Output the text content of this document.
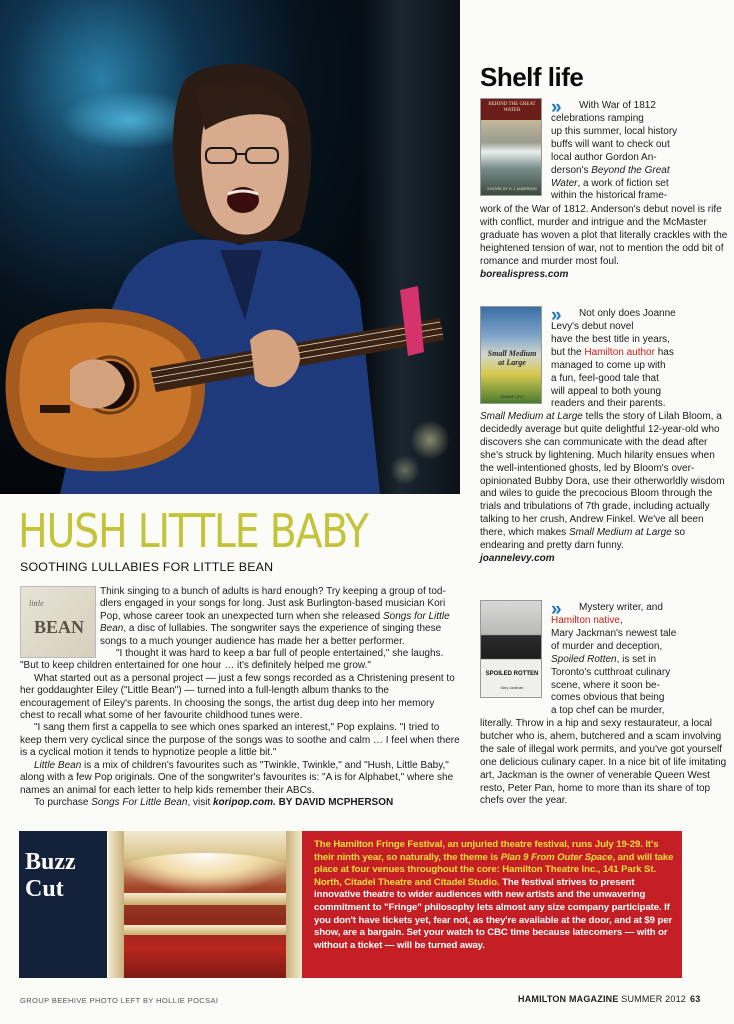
Shelf life
BEHIND THE GREAT WATER
A NOVEL BY G. J. ANDERSON
» With War of 1812
celebrations ramping
up this summer, local history
buffs will want to check out
local author Gordon An-
derson's Beyond the Great
Water, a work of fiction set
within the historical frame-

work of the War of 1812. Anderson's debut novel is rife with conflict, murder and intrigue and the McMaster graduate has woven a plot that literally crackles with the heightened tension of war, not to mention the odd bit of romance and murder most foul.

borealispress.com

Small Medium at Large
JOANNE LEVY
» Not only does Joanne
Levy's debut novel
have the best title in years,
but the Hamilton author has
managed to come up with
a fun, feel-good tale that
will appeal to both young
readers and their parents.

Small Medium at Large tells the story of Lilah Bloom, a decidedly average but quite delightful 12-year-old who discovers she can communicate with the dead after she's struck by lightening. Much hilarity ensues when the well-intentioned ghosts, led by Bloom's over-opinionated Bubby Dora, use their otherworldly wisdom and wiles to guide the precocious Bloom through the trials and tribulations of 7th grade, including actually talking to her crush, Andrew Finkel. We've all been there, which makes Small Medium at Large so endearing and pretty darn funny.

joannelevy.com

SPOILED ROTTEN
Mary Jackman
» Mystery writer, and
Hamilton native,
Mary Jackman's newest tale
of murder and deception,
Spoiled Rotten, is set in
Toronto's cutthroat culinary
scene, where it soon be-
comes obvious that being
a top chef can be murder,

literally. Throw in a hip and sexy restaurateur, a local butcher who is, ahem, butchered and a scam involving the sale of illegal work permits, and you've got yourself one delicious culinary caper. In a nice bit of life imitating art, Jackman is the owner of venerable Queen West resto, Peter Pan, home to more than its share of top chefs over the year.

HUSH LITTLE BABY
SOOTHING LULLABIES FOR LITTLE BEAN
little
BEAN

Think singing to a bunch of adults is hard enough? Try keeping a group of tod-dlers engaged in your songs for long. Just ask Burlington-based musician Kori Pop, whose career took an unexpected turn when she released Songs for Little Bean, a disc of lullabies. The songwriter says the experience of singing these songs to a much younger audience has made her a better performer.

"I thought it was hard to keep a bar full of people entertained," she laughs. "But to keep children entertained for one hour … it's definitely helped me grow."

What started out as a personal project — just a few songs recorded as a Christening present to her goddaughter Eiley ("Little Bean") — turned into a full-length album thanks to the encouragement of Eiley's parents. In choosing the songs, the artist dug deep into her memory chest to recall what some of her favourite childhood tunes were.

"I sang them first a cappella to see which ones sparked an interest," Pop explains. "I tried to keep them very cyclical since the purpose of the songs was to soothe and calm … I feel when there is a cyclical motion it tends to hypnotize people a little bit."

Little Bean is a mix of children's favourites such as "Twinkle, Twinkle," and "Hush, Little Baby," along with a few Pop originals. One of the songwriter's favourites is: "A is for Alphabet," where she names an animal for each letter to help kids remember their ABCs.

To purchase Songs For Little Bean, visit koripop.com. BY DAVID MCPHERSON

Buzz
Cut
The Hamilton Fringe Festival, an unjuried theatre festival, runs July 19-29. It's their ninth year, so naturally, the theme is Plan 9 From Outer Space, and will take place at four venues throughout the core: Hamilton Theatre Inc., 141 Park St. North, Citadel Theatre and Citadel Studio. The festival strives to present innovative theatre to wider audiences with new artists and the unwavering commitment to "Fringe" philosophy lets almost any size company participate. If you don't have tickets yet, fear not, as they're available at the door, and at $9 per show, are a bargain. Set your watch to CBC time because latecomers — with or without a ticket — will be turned away.
GROUP BEEHIVE PHOTO LEFT BY HOLLIE POCSAI	HAMILTON MAGAZINE SUMMER 2012 63
